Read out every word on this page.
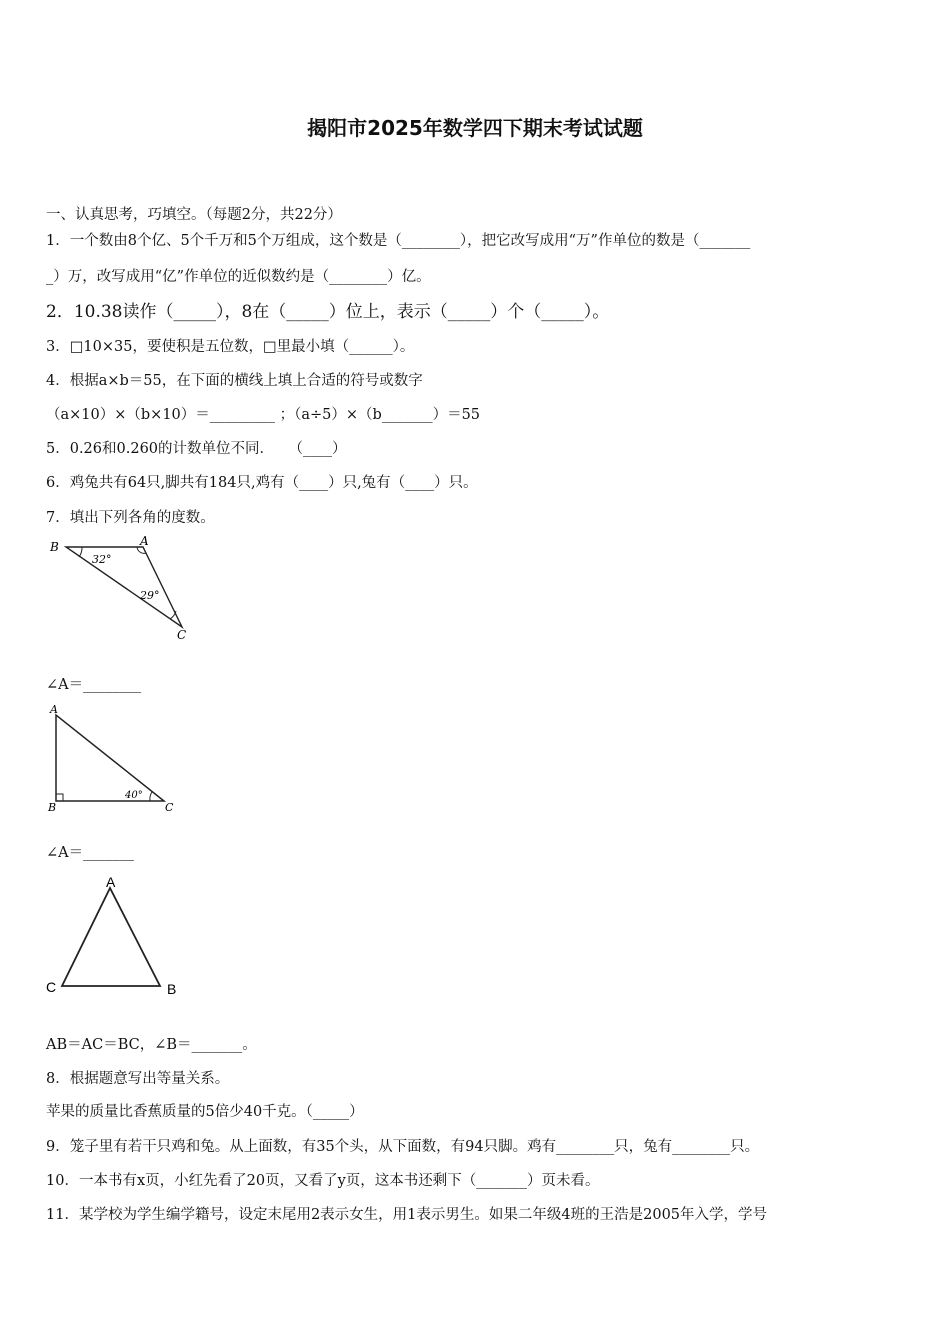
揭阳市2025年数学四下期末考试试题
一、认真思考，巧填空。（每题2分，共22分）
1．一个数由8个亿、5个千万和5个万组成，这个数是（________），把它改写成用“万”作单位的数是（_______
_）万，改写成用“亿”作单位的近似数约是（________）亿。
2．10.38读作（_____），8在（_____）位上，表示（_____）个（_____）。
3．□10×35，要使积是五位数，□里最小填（______）。
4．根据a×b＝55，在下面的横线上填上合适的符号或数字
（a×10）×（b×10）＝_________ ；（a÷5）×（b_______）＝55
5．0.26和0.260的计数单位不同．　　（____）
6．鸡兔共有64只,脚共有184只,鸡有（____）只,兔有（____）只。
7．填出下列各角的度数。
B	A
C
32°
29°
∠A＝________
A
B	C
40°
∠A＝_______
A
C	B
AB＝AC＝BC，∠B＝_______。
8．根据题意写出等量关系。
苹果的质量比香蕉质量的5倍少40千克。（_____）
9．笼子里有若干只鸡和兔。从上面数，有35个头，从下面数，有94只脚。鸡有________只，兔有________只。
10．一本书有x页，小红先看了20页，又看了y页，这本书还剩下（_______）页未看。
11．某学校为学生编学籍号，设定末尾用2表示女生，用1表示男生。如果二年级4班的王浩是2005年入学，学号
